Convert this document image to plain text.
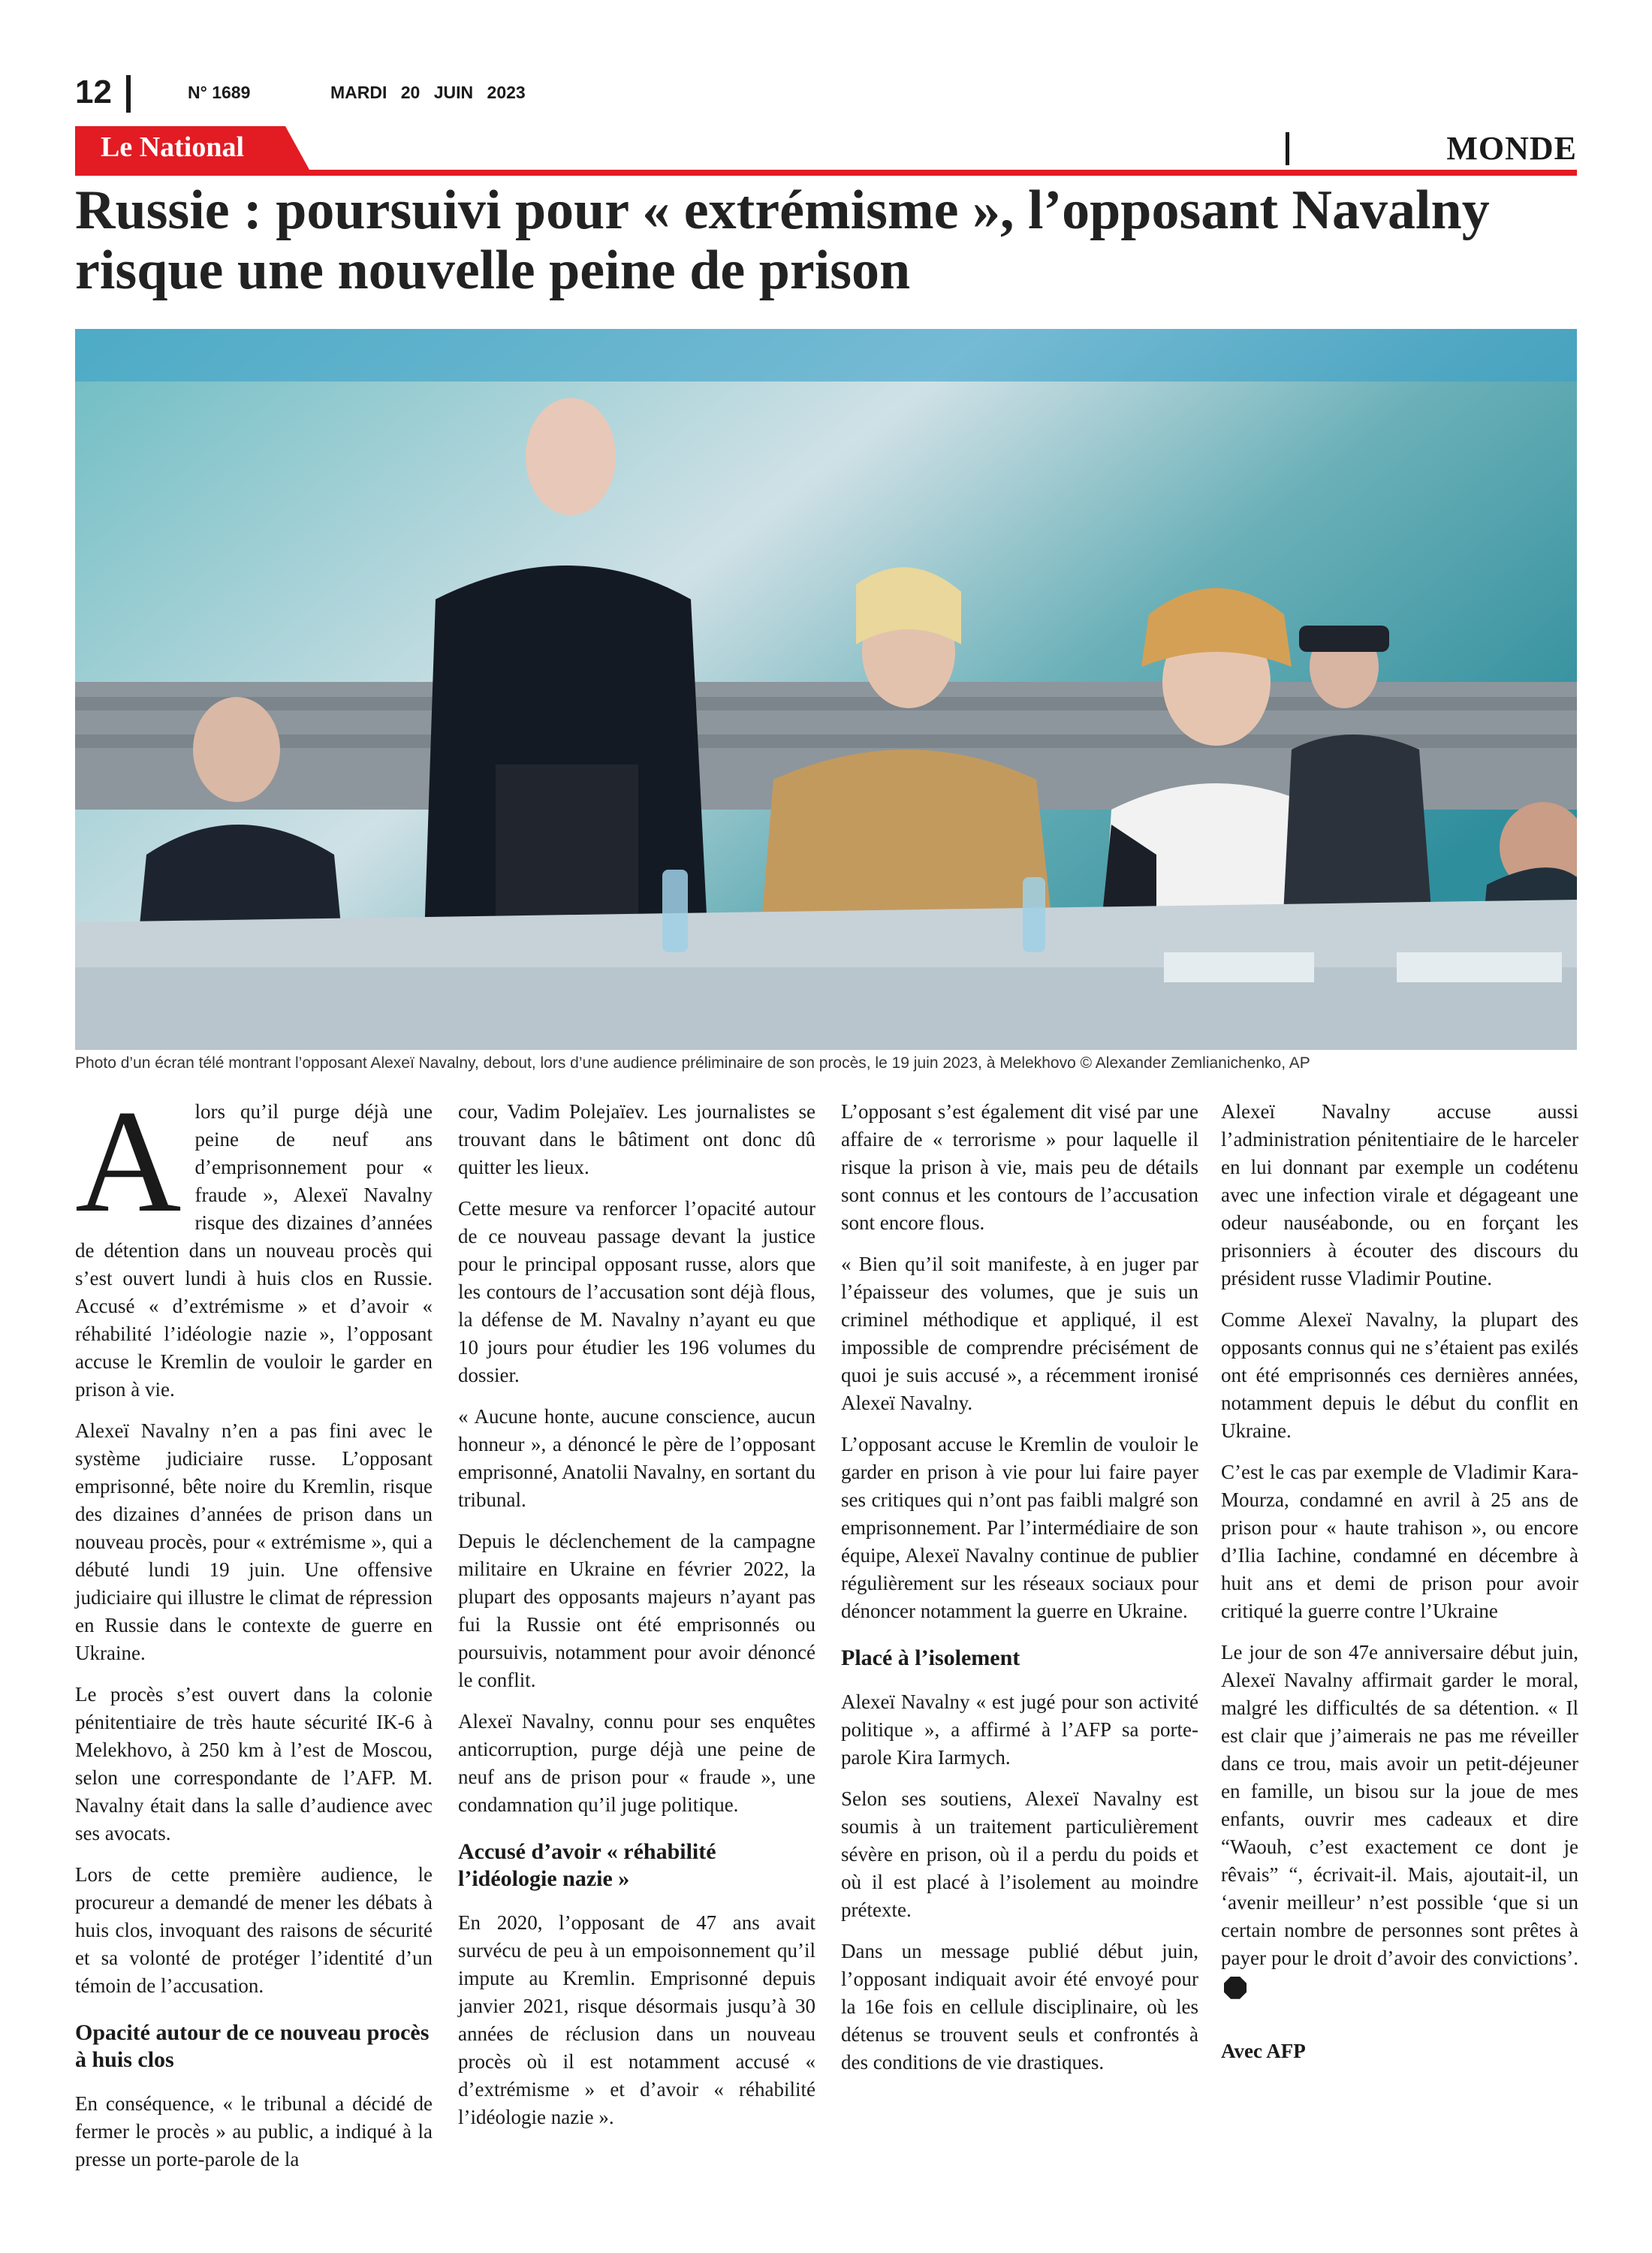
12	N° 1689	MARDI 20 JUIN 2023
Le National	MONDE
Russie : poursuivi pour « extrémisme », l’opposant Navalny risque une nouvelle peine de prison
Photo d’un écran télé montrant l’opposant Alexeï Navalny, debout, lors d’une audience préliminaire de son procès, le 19 juin 2023, à Melekhovo © Alexander Zemlianichenko, AP

A lors qu’il purge déjà une peine de neuf ans d’emprisonnement pour « fraude », Alexeï Navalny risque des dizaines d’années de détention dans un nouveau procès qui s’est ouvert lundi à huis clos en Russie. Accusé « d’extrémisme » et d’avoir « réhabilité l’idéologie nazie », l’opposant accuse le Kremlin de vouloir le garder en prison à vie.

Alexeï Navalny n’en a pas fini avec le système judiciaire russe. L’opposant emprisonné, bête noire du Kremlin, risque des dizaines d’années de prison dans un nouveau procès, pour « extrémisme », qui a débuté lundi 19 juin. Une offensive judiciaire qui illustre le climat de répression en Russie dans le contexte de guerre en Ukraine.

Le procès s’est ouvert dans la colonie pénitentiaire de très haute sécurité IK-6 à Melekhovo, à 250 km à l’est de Moscou, selon une correspondante de l’AFP. M. Navalny était dans la salle d’audience avec ses avocats.

Lors de cette première audience, le procureur a demandé de mener les débats à huis clos, invoquant des raisons de sécurité et sa volonté de protéger l’identité d’un témoin de l’accusation.

Opacité autour de ce nouveau procès à huis clos

En conséquence, « le tribunal a décidé de fermer le procès » au public, a indiqué à la presse un porte-parole de la

cour, Vadim Polejaïev. Les journalistes se trouvant dans le bâtiment ont donc dû quitter les lieux.

Cette mesure va renforcer l’opacité autour de ce nouveau passage devant la justice pour le principal opposant russe, alors que les contours de l’accusation sont déjà flous, la défense de M. Navalny n’ayant eu que 10 jours pour étudier les 196 volumes du dossier.

« Aucune honte, aucune conscience, aucun honneur », a dénoncé le père de l’opposant emprisonné, Anatolii Navalny, en sortant du tribunal.

Depuis le déclenchement de la campagne militaire en Ukraine en février 2022, la plupart des opposants majeurs n’ayant pas fui la Russie ont été emprisonnés ou poursuivis, notamment pour avoir dénoncé le conflit.

Alexeï Navalny, connu pour ses enquêtes anticorruption, purge déjà une peine de neuf ans de prison pour « fraude », une condamnation qu’il juge politique.

Accusé d’avoir « réhabilité l’idéologie nazie »

En 2020, l’opposant de 47 ans avait survécu de peu à un empoisonnement qu’il impute au Kremlin. Emprisonné depuis janvier 2021, risque désormais jusqu’à 30 années de réclusion dans un nouveau procès où il est notamment accusé « d’extrémisme » et d’avoir « réhabilité l’idéologie nazie ».

L’opposant s’est également dit visé par une affaire de « terrorisme » pour laquelle il risque la prison à vie, mais peu de détails sont connus et les contours de l’accusation sont encore flous.

« Bien qu’il soit manifeste, à en juger par l’épaisseur des volumes, que je suis un criminel méthodique et appliqué, il est impossible de comprendre précisément de quoi je suis accusé », a récemment ironisé Alexeï Navalny.

L’opposant accuse le Kremlin de vouloir le garder en prison à vie pour lui faire payer ses critiques qui n’ont pas faibli malgré son emprisonnement. Par l’intermédiaire de son équipe, Alexeï Navalny continue de publier régulièrement sur les réseaux sociaux pour dénoncer notamment la guerre en Ukraine.

Placé à l’isolement

Alexeï Navalny « est jugé pour son activité politique », a affirmé à l’AFP sa porte-parole Kira Iarmych.

Selon ses soutiens, Alexeï Navalny est soumis à un traitement particulièrement sévère en prison, où il a perdu du poids et où il est placé à l’isolement au moindre prétexte.

Dans un message publié début juin, l’opposant indiquait avoir été envoyé pour la 16e fois en cellule disciplinaire, où les détenus se trouvent seuls et confrontés à des conditions de vie drastiques.

Alexeï Navalny accuse aussi l’administration pénitentiaire de le harceler en lui donnant par exemple un codétenu avec une infection virale et dégageant une odeur nauséabonde, ou en forçant les prisonniers à écouter des discours du président russe Vladimir Poutine.

Comme Alexeï Navalny, la plupart des opposants connus qui ne s’étaient pas exilés ont été emprisonnés ces dernières années, notamment depuis le début du conflit en Ukraine.

C’est le cas par exemple de Vladimir Kara-Mourza, condamné en avril à 25 ans de prison pour « haute trahison », ou encore d’Ilia Iachine, condamné en décembre à huit ans et demi de prison pour avoir critiqué la guerre contre l’Ukraine

Le jour de son 47e anniversaire début juin, Alexeï Navalny affirmait garder le moral, malgré les difficultés de sa détention. « Il est clair que j’aimerais ne pas me réveiller dans ce trou, mais avoir un petit-déjeuner en famille, un bisou sur la joue de mes enfants, ouvrir mes cadeaux et dire “Waouh, c’est exactement ce dont je rêvais” “, écrivait-il. Mais, ajoutait-il, un ‘avenir meilleur’ n’est possible ‘que si un certain nombre de personnes sont prêtes à payer pour le droit d’avoir des convictions’.

Avec AFP
